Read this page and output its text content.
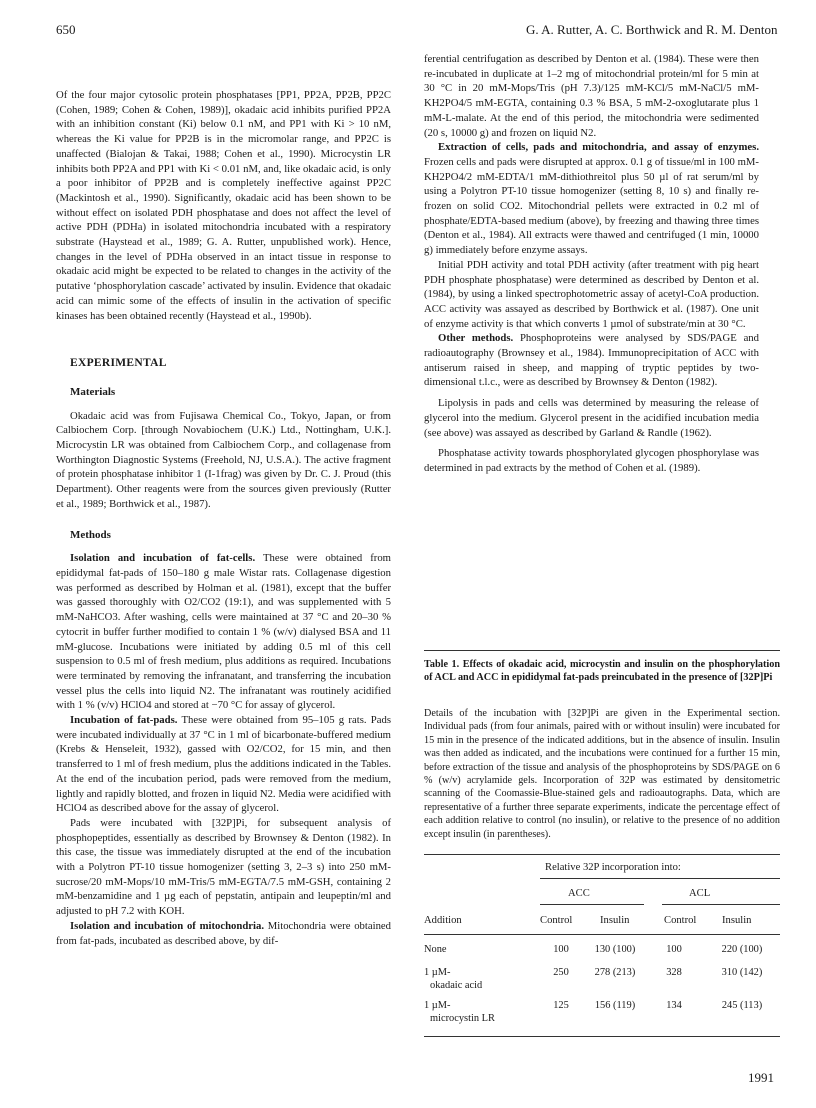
650	G. A. Rutter, A. C. Borthwick and R. M. Denton

Of the four major cytosolic protein phosphatases [PP1, PP2A, PP2B, PP2C (Cohen, 1989; Cohen & Cohen, 1989)], okadaic acid inhibits purified PP2A with an inhibition constant (Ki) below 0.1 nM, and PP1 with Ki > 10 nM, whereas the Ki value for PP2B is in the micromolar range, and PP2C is unaffected (Bialojan & Takai, 1988; Cohen et al., 1990). Microcystin LR inhibits both PP2A and PP1 with Ki < 0.01 nM, and, like okadaic acid, is only a poor inhibitor of PP2B and is completely ineffective against PP2C (Mackintosh et al., 1990). Significantly, okadaic acid has been shown to be without effect on isolated PDH phosphatase and does not affect the level of active PDH (PDHa) in isolated mitochondria incubated with a respiratory substrate (Haystead et al., 1989; G. A. Rutter, unpublished work). Hence, changes in the level of PDHa observed in an intact tissue in response to okadaic acid might be expected to be related to changes in the activity of the putative ‘phosphorylation cascade’ activated by insulin. Evidence that okadaic acid can mimic some of the effects of insulin in the activation of specific kinases has been obtained recently (Haystead et al., 1990b).

EXPERIMENTAL

Materials

Okadaic acid was from Fujisawa Chemical Co., Tokyo, Japan, or from Calbiochem Corp. [through Novabiochem (U.K.) Ltd., Nottingham, U.K.]. Microcystin LR was obtained from Calbiochem Corp., and collagenase from Worthington Diagnostic Systems (Freehold, NJ, U.S.A.). The active fragment of protein phosphatase inhibitor 1 (I-1frag) was given by Dr. C. J. Proud (this Department). Other reagents were from the sources given previously (Rutter et al., 1989; Borthwick et al., 1987).

Methods

Isolation and incubation of fat-cells. These were obtained from epididymal fat-pads of 150–180 g male Wistar rats. Collagenase digestion was performed as described by Holman et al. (1981), except that the buffer was gassed thoroughly with O2/CO2 (19:1), and was supplemented with 5 mM-NaHCO3. After washing, cells were maintained at 37 °C and 20–30 % cytocrit in buffer further modified to contain 1 % (w/v) dialysed BSA and 11 mM-glucose. Incubations were initiated by adding 0.5 ml of this cell suspension to 0.5 ml of fresh medium, plus additions as required. Incubations were terminated by removing the infranatant, and transferring the incubation vessel plus the cells into liquid N2. The infranatant was routinely acidified with 1 % (v/v) HClO4 and stored at −70 °C for assay of glycerol.

Incubation of fat-pads. These were obtained from 95–105 g rats. Pads were incubated individually at 37 °C in 1 ml of bicarbonate-buffered medium (Krebs & Henseleit, 1932), gassed with O2/CO2, for 15 min, and then transferred to 1 ml of fresh medium, plus the additions indicated in the Tables. At the end of the incubation period, pads were removed from the medium, lightly and rapidly blotted, and frozen in liquid N2. Media were acidified with HClO4 as described above for the assay of glycerol.

Pads were incubated with [32P]Pi, for subsequent analysis of phosphopeptides, essentially as described by Brownsey & Denton (1982). In this case, the tissue was immediately disrupted at the end of the incubation with a Polytron PT-10 tissue homogenizer (setting 3, 2–3 s) into 250 mM-sucrose/20 mM-Mops/10 mM-Tris/5 mM-EGTA/7.5 mM-GSH, containing 2 mM-benzamidine and 1 µg each of pepstatin, antipain and leupeptin/ml and adjusted to pH 7.2 with KOH.

Isolation and incubation of mitochondria. Mitochondria were obtained from fat-pads, incubated as described above, by dif-

ferential centrifugation as described by Denton et al. (1984). These were then re-incubated in duplicate at 1–2 mg of mitochondrial protein/ml for 5 min at 30 °C in 20 mM-Mops/Tris (pH 7.3)/125 mM-KCl/5 mM-NaCl/5 mM-KH2PO4/5 mM-EGTA, containing 0.3 % BSA, 5 mM-2-oxoglutarate plus 1 mM-L-malate. At the end of this period, the mitochondria were sedimented (20 s, 10000 g) and frozen on liquid N2.

Extraction of cells, pads and mitochondria, and assay of enzymes. Frozen cells and pads were disrupted at approx. 0.1 g of tissue/ml in 100 mM-KH2PO4/2 mM-EDTA/1 mM-dithiothreitol plus 50 µl of rat serum/ml by using a Polytron PT-10 tissue homogenizer (setting 8, 10 s) and finally re-frozen on solid CO2. Mitochondrial pellets were extracted in 0.2 ml of phosphate/EDTA-based medium (above), by freezing and thawing three times (Denton et al., 1984). All extracts were thawed and centrifuged (1 min, 10000 g) immediately before enzyme assays.

Initial PDH activity and total PDH activity (after treatment with pig heart PDH phosphate phosphatase) were determined as described by Denton et al. (1984), by using a linked spectrophotometric assay of acetyl-CoA production. ACC activity was assayed as described by Borthwick et al. (1987). One unit of enzyme activity is that which converts 1 µmol of substrate/min at 30 °C.

Other methods. Phosphoproteins were analysed by SDS/PAGE and radioautography (Brownsey et al., 1984). Immunoprecipitation of ACC with antiserum raised in sheep, and mapping of tryptic peptides by two-dimensional t.l.c., were as described by Brownsey & Denton (1982).

Lipolysis in pads and cells was determined by measuring the release of glycerol into the medium. Glycerol present in the acidified incubation media (see above) was assayed as described by Garland & Randle (1962).

Phosphatase activity towards phosphorylated glycogen phosphorylase was determined in pad extracts by the method of Cohen et al. (1989).

Table 1. Effects of okadaic acid, microcystin and insulin on the phosphorylation of ACL and ACC in epididymal fat-pads preincubated in the presence of [32P]Pi
Details of the incubation with [32P]Pi are given in the Experimental section. Individual pads (from four animals, paired with or without insulin) were incubated for 15 min in the presence of the indicated additions, but in the absence of insulin. Insulin was then added as indicated, and the incubations were continued for a further 15 min, before extraction of the tissue and analysis of the phosphoproteins by SDS/PAGE on 6 % (w/v) acrylamide gels. Incorporation of 32P was estimated by densitometric scanning of the Coomassie-Blue-stained gels and radioautographs. Data, which are representative of a further three separate experiments, indicate the percentage effect of each addition relative to control (no insulin), or relative to the presence of no addition except insulin (in parentheses).
Relative 32P incorporation into:
ACC	ACL
Addition	Control	Insulin	Control Insulin
None	100	130 (100)	100	220 (100)
1 µM-
okadaic acid	250	278 (213)	328	310 (142)
1 µM-
microcystin LR	125	156 (119)	134	245 (113)
1991
